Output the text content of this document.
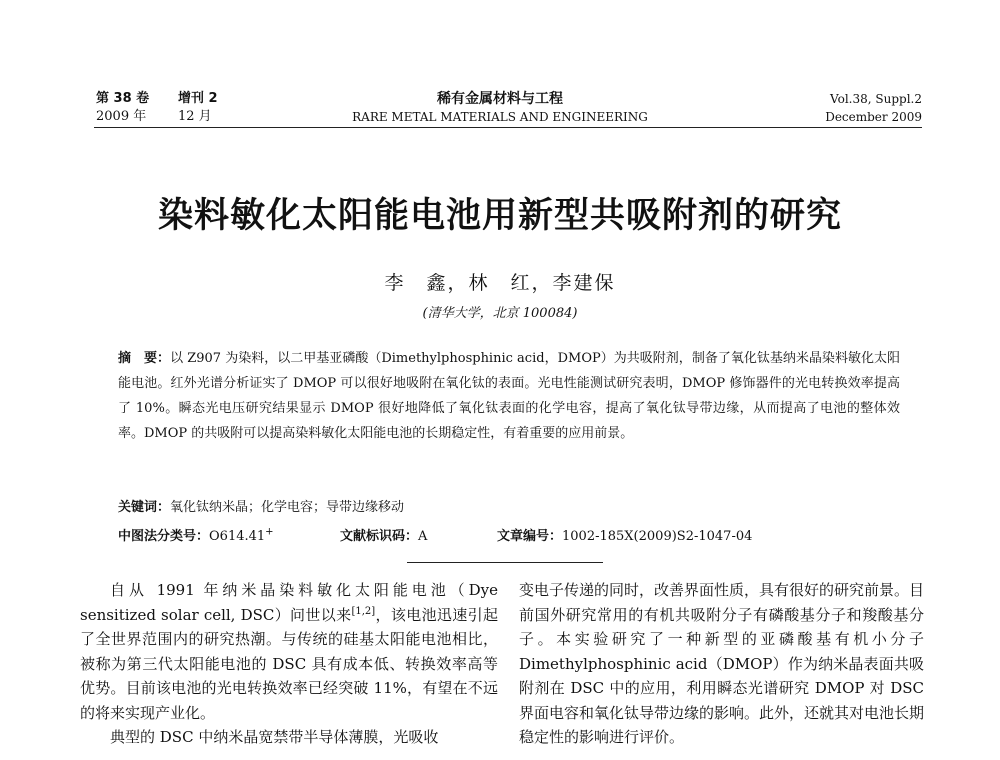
第 38 卷 增刊 2
2009 年 12 月
稀有金属材料与工程
RARE METAL MATERIALS AND ENGINEERING
Vol.38, Suppl.2
December 2009
染料敏化太阳能电池用新型共吸附剂的研究
李　鑫，林　红，李建保
(清华大学，北京 100084)
摘　要：以 Z907 为染料，以二甲基亚磷酸（Dimethylphosphinic acid，DMOP）为共吸附剂，制备了氧化钛基纳米晶染料敏化太阳能电池。红外光谱分析证实了 DMOP 可以很好地吸附在氧化钛的表面。光电性能测试研究表明，DMOP 修饰器件的光电转换效率提高了 10%。瞬态光电压研究结果显示 DMOP 很好地降低了氧化钛表面的化学电容，提高了氧化钛导带边缘，从而提高了电池的整体效率。DMOP 的共吸附可以提高染料敏化太阳能电池的长期稳定性，有着重要的应用前景。
关键词：氧化钛纳米晶；化学电容；导带边缘移动
中图法分类号：O614.41+	文献标识码：A	文章编号：1002-185X(2009)S2-1047-04

自从 1991 年纳米晶染料敏化太阳能电池（Dye sensitized solar cell, DSC）问世以来[1,2]，该电池迅速引起了全世界范围内的研究热潮。与传统的硅基太阳能电池相比，被称为第三代太阳能电池的 DSC 具有成本低、转换效率高等优势。目前该电池的光电转换效率已经突破 11%，有望在不远的将来实现产业化。

典型的 DSC 中纳米晶宽禁带半导体薄膜，光吸收

变电子传递的同时，改善界面性质，具有很好的研究前景。目前国外研究常用的有机共吸附分子有磷酸基分子和羧酸基分子。本实验研究了一种新型的亚磷酸基有机小分子 Dimethylphosphinic acid（DMOP）作为纳米晶表面共吸附剂在 DSC 中的应用，利用瞬态光谱研究 DMOP 对 DSC 界面电容和氧化钛导带边缘的影响。此外，还就其对电池长期稳定性的影响进行评价。
